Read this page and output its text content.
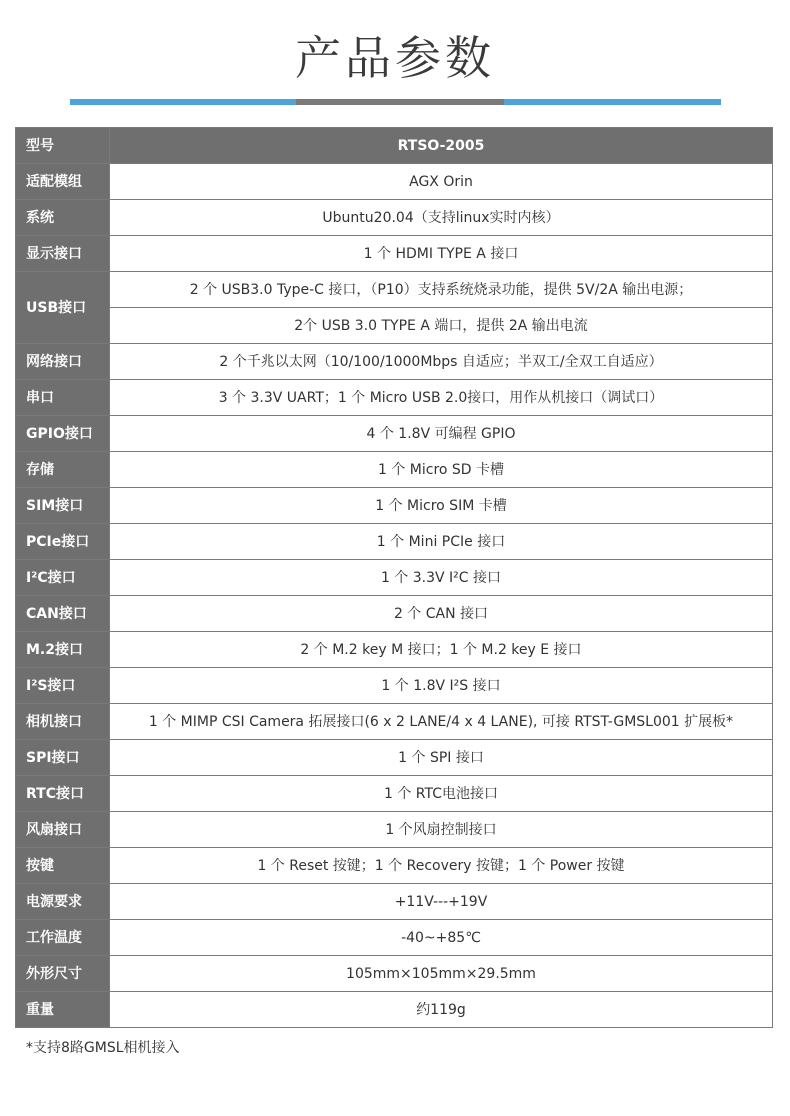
产品参数
型号	RTSO-2005
适配模组	AGX Orin
系统	Ubuntu20.04（支持linux实时内核）
显示接口	1 个 HDMI TYPE A 接口
USB接口	2 个 USB3.0 Type-C 接口，（P10）支持系统烧录功能，提供 5V/2A 输出电源；
	2个 USB 3.0 TYPE A 端口，提供 2A 输出电流
网络接口	2 个千兆以太网（10/100/1000Mbps 自适应；半双工/全双工自适应）
串口	3 个 3.3V UART；1 个 Micro USB 2.0接口，用作从机接口（调试口）
GPIO接口	4 个 1.8V 可编程 GPIO
存储	1 个 Micro SD 卡槽
SIM接口	1 个 Micro SIM 卡槽
PCIe接口	1 个 Mini PCIe 接口
I²C接口	1 个 3.3V I²C 接口
CAN接口	2 个 CAN 接口
M.2接口	2 个 M.2 key M 接口；1 个 M.2 key E 接口
I²S接口	1 个 1.8V I²S 接口
相机接口	1 个 MIMP CSI Camera 拓展接口(6 x 2 LANE/4 x 4 LANE), 可接 RTST-GMSL001 扩展板*
SPI接口	1 个 SPI 接口
RTC接口	1 个 RTC电池接口
风扇接口	1 个风扇控制接口
按键	1 个 Reset 按键；1 个 Recovery 按键；1 个 Power 按键
电源要求	+11V---+19V
工作温度	-40~+85℃
外形尺寸	105mm×105mm×29.5mm
重量	约119g
*支持8路GMSL相机接入
